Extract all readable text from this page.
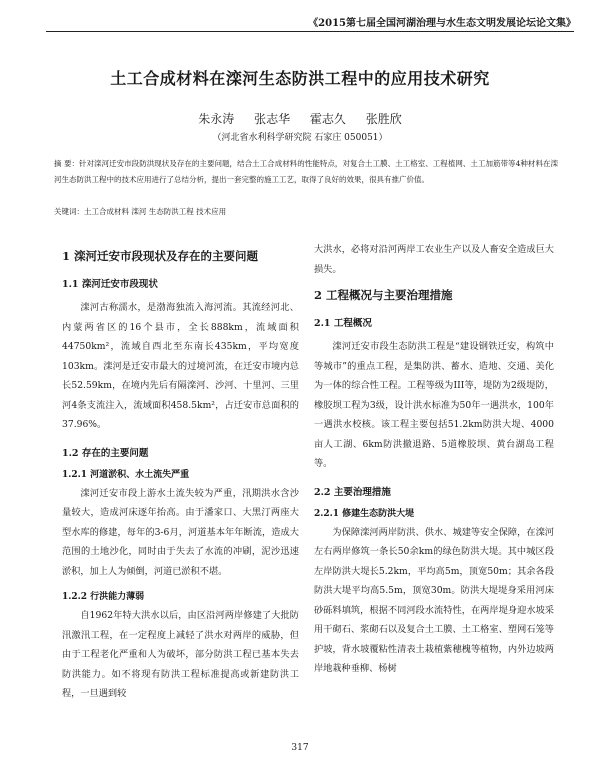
《2015第七届全国河湖治理与水生态文明发展论坛论文集》
土工合成材料在滦河生态防洪工程中的应用技术研究
朱永涛 张志华 霍志久 张胜欣
（河北省水利科学研究院 石家庄 050051）
摘 要：针对滦河迁安市段防洪现状及存在的主要问题，结合土工合成材料的性能特点，对复合土工膜、土工格室、工程植网、土工加筋带等4种材料在滦河生态防洪工程中的技术应用进行了总结分析，提出一套完整的施工工艺，取得了良好的效果，很具有推广价值。
关键词：土工合成材料 滦河 生态防洪工程 技术应用
1 滦河迁安市段现状及存在的主要问题
1.1 滦河迁安市段现状

滦河古称濡水，是渤海独流入海河流。其流经河北、内蒙两省区的16个县市，全长888km，流域面积44750km²，流域自西北至东南长435km，平均宽度103km。滦河是迁安市最大的过境河流，在迁安市境内总长52.59km，在境内先后有隔滦河、沙河、十里河、三里河4条支流注入，流域面积458.5km²，占迁安市总面积的37.96%。

1.2 存在的主要问题
1.2.1 河道淤积、水土流失严重

滦河迁安市段上游水土流失较为严重，汛期洪水含沙量较大，造成河床逐年抬高。由于潘家口、大黑汀两座大型水库的修建，每年的3-6月，河道基本年年断流，造成大范围的土地沙化，同时由于失去了水流的冲刷，泥沙迅速淤积，加上人为倾倒，河道已淤积不堪。

1.2.2 行洪能力薄弱

自1962年特大洪水以后，由区沿河两岸修建了大批防汛激汛工程，在一定程度上减轻了洪水对两岸的威胁，但由于工程老化严重和人为破坏，部分防洪工程已基本失去防洪能力。如不将现有防洪工程标准提高或新建防洪工程，一旦遇到较

大洪水，必将对沿河两岸工农业生产以及人畜安全造成巨大损失。

2 工程概况与主要治理措施
2.1 工程概况

滦河迁安市段生态防洪工程是“建设钢铁迁安，构筑中等城市”的重点工程，是集防洪、蓄水、造地、交通、美化为一体的综合性工程。工程等级为III等，堤防为2级堤防，橡胶坝工程为3级，设计洪水标准为50年一遇洪水，100年一遇洪水校核。该工程主要包括51.2km防洪大堤、4000亩人工湖、6km防洪撤退路、5道橡胶坝、黄台湖岛工程等。

2.2 主要治理措施
2.2.1 修建生态防洪大堤

为保障滦河两岸防洪、供水、城建等安全保障，在滦河左右两岸修筑一条长50余km的绿色防洪大堤。其中城区段左岸防洪大堤长5.2km，平均高5m，顶宽50m；其余各段防洪大堤平均高5.5m，顶宽30m。防洪大堤堤身采用河床砂砾料填筑，根据不同河段水流特性，在两岸堤身迎水坡采用干砌石、浆砌石以及复合土工膜、土工格室、塑网石笼等护坡，背水坡覆粘性清表土栽植紫穗槐等植物，内外边坡两岸地栽种垂柳、杨树

317
